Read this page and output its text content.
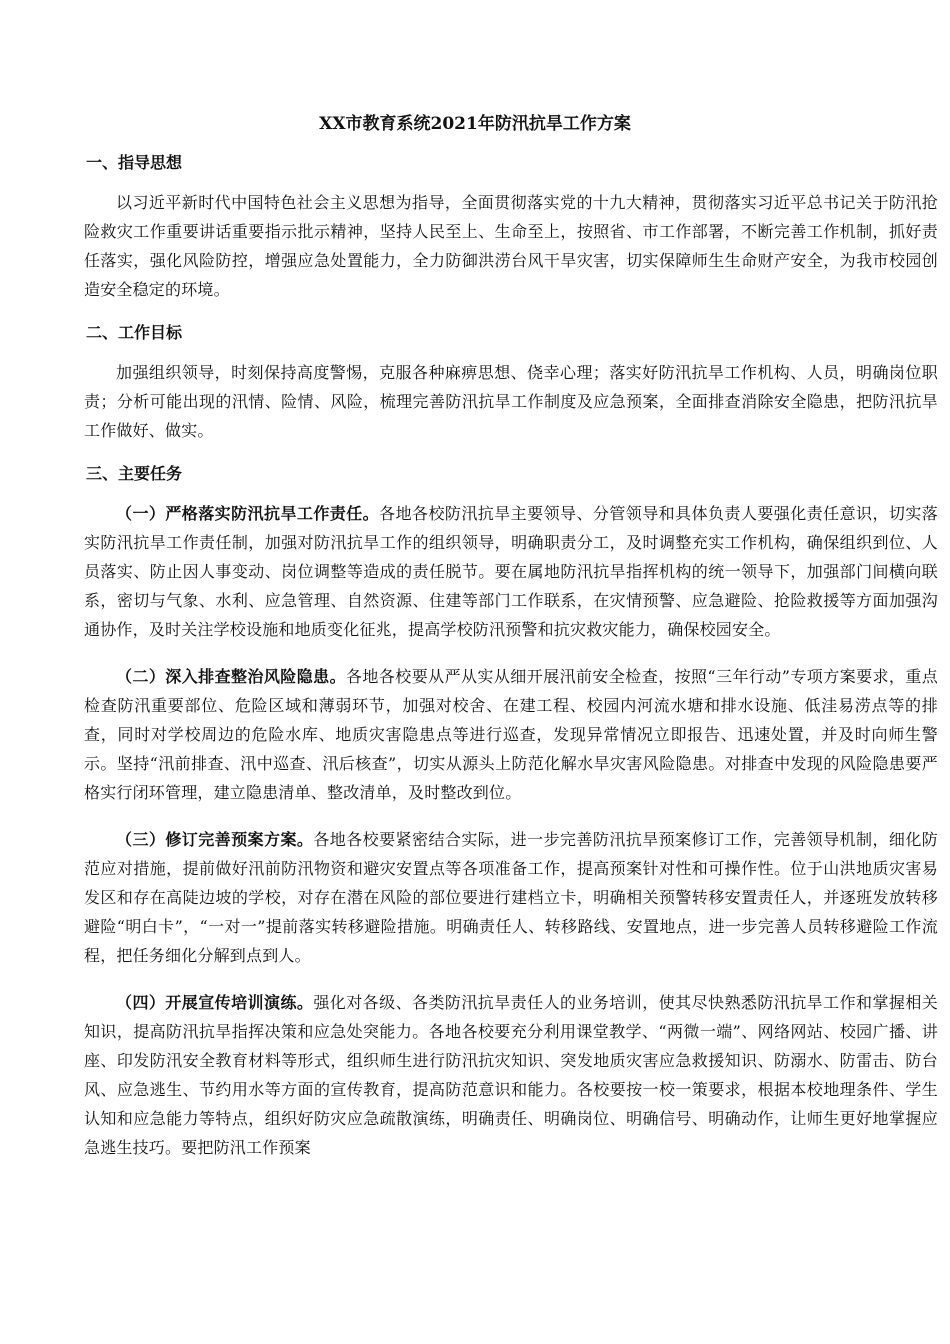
XX市教育系统2021年防汛抗旱工作方案
一、指导思想

以习近平新时代中国特色社会主义思想为指导，全面贯彻落实党的十九大精神，贯彻落实习近平总书记关于防汛抢险救灾工作重要讲话重要指示批示精神，坚持人民至上、生命至上，按照省、市工作部署，不断完善工作机制，抓好责任落实，强化风险防控，增强应急处置能力，全力防御洪涝台风干旱灾害，切实保障师生生命财产安全，为我市校园创造安全稳定的环境。

二、工作目标

加强组织领导，时刻保持高度警惕，克服各种麻痹思想、侥幸心理；落实好防汛抗旱工作机构、人员，明确岗位职责；分析可能出现的汛情、险情、风险，梳理完善防汛抗旱工作制度及应急预案，全面排查消除安全隐患，把防汛抗旱工作做好、做实。

三、主要任务

（一）严格落实防汛抗旱工作责任。各地各校防汛抗旱主要领导、分管领导和具体负责人要强化责任意识，切实落实防汛抗旱工作责任制，加强对防汛抗旱工作的组织领导，明确职责分工，及时调整充实工作机构，确保组织到位、人员落实、防止因人事变动、岗位调整等造成的责任脱节。要在属地防汛抗旱指挥机构的统一领导下，加强部门间横向联系，密切与气象、水利、应急管理、自然资源、住建等部门工作联系，在灾情预警、应急避险、抢险救援等方面加强沟通协作，及时关注学校设施和地质变化征兆，提高学校防汛预警和抗灾救灾能力，确保校园安全。

（二）深入排查整治风险隐患。各地各校要从严从实从细开展汛前安全检查，按照“三年行动”专项方案要求，重点检查防汛重要部位、危险区域和薄弱环节，加强对校舍、在建工程、校园内河流水塘和排水设施、低洼易涝点等的排查，同时对学校周边的危险水库、地质灾害隐患点等进行巡查，发现异常情况立即报告、迅速处置，并及时向师生警示。坚持“汛前排查、汛中巡查、汛后核查”，切实从源头上防范化解水旱灾害风险隐患。对排查中发现的风险隐患要严格实行闭环管理，建立隐患清单、整改清单，及时整改到位。

（三）修订完善预案方案。各地各校要紧密结合实际，进一步完善防汛抗旱预案修订工作，完善领导机制，细化防范应对措施，提前做好汛前防汛物资和避灾安置点等各项准备工作，提高预案针对性和可操作性。位于山洪地质灾害易发区和存在高陡边坡的学校，对存在潜在风险的部位要进行建档立卡，明确相关预警转移安置责任人，并逐班发放转移避险“明白卡”，“一对一”提前落实转移避险措施。明确责任人、转移路线、安置地点，进一步完善人员转移避险工作流程，把任务细化分解到点到人。

（四）开展宣传培训演练。强化对各级、各类防汛抗旱责任人的业务培训，使其尽快熟悉防汛抗旱工作和掌握相关知识，提高防汛抗旱指挥决策和应急处突能力。各地各校要充分利用课堂教学、“两微一端”、网络网站、校园广播、讲座、印发防汛安全教育材料等形式，组织师生进行防汛抗灾知识、突发地质灾害应急救援知识、防溺水、防雷击、防台风、应急逃生、节约用水等方面的宣传教育，提高防范意识和能力。各校要按一校一策要求，根据本校地理条件、学生认知和应急能力等特点，组织好防灾应急疏散演练，明确责任、明确岗位、明确信号、明确动作，让师生更好地掌握应急逃生技巧。要把防汛工作预案
